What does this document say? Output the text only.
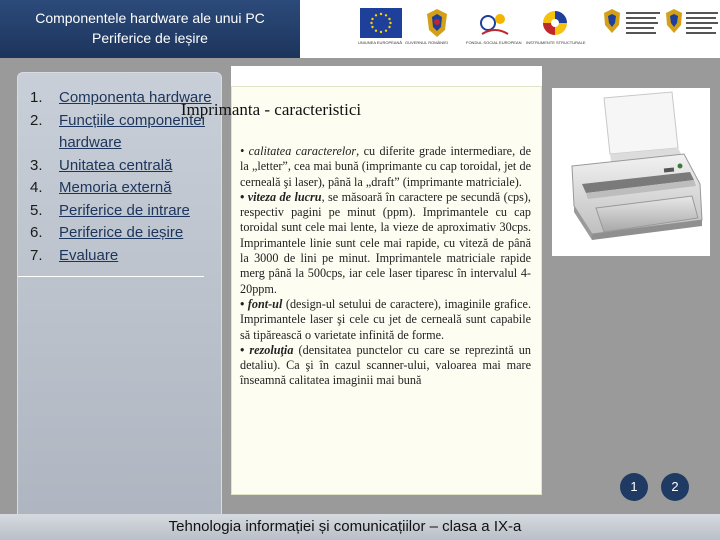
Componentele hardware ale unui PC
Periferice de ieșire	UNIUNEA EUROPEANĂ GUVERNUL ROMÂNIEI	FONDUL SOCIAL EUROPEAN INSTRUMENTE STRUCTURALE
1. Componenta hardware
2. Funcțiile componentei hardware
3. Unitatea centrală
4. Memoria externă
5. Periferice de intrare
6. Periferice de ieșire
7. Evaluare
Imprimanta - caracteristici

• calitatea caracterelor, cu diferite grade intermediare, de la „letter”, cea mai bună (imprimante cu cap toroidal, jet de cerneală şi laser), până la „draft” (imprimante matriciale).

• viteza de lucru, se măsoară în caractere pe secundă (cps), respectiv pagini pe minut (ppm). Imprimantele cu cap toroidal sunt cele mai lente, la vieze de aproximativ 30cps. Imprimantele linie sunt cele mai rapide, cu viteză de până la 3000 de lini pe minut. Imprimantele matriciale rapide merg până la 500cps, iar cele laser tiparesc în intervalul 4-20ppm.

• font-ul (design-ul setului de caractere), imaginile grafice. Imprimantele laser şi cele cu jet de cerneală sunt capabile să tipărească o varietate infinită de forme.

• rezoluţia (densitatea punctelor cu care se reprezintă un detaliu). Ca şi în cazul scanner-ului, valoarea mai mare înseamnă calitatea imaginii mai bună

1	2
Tehnologia informației și comunicațiilor – clasa a IX-a
